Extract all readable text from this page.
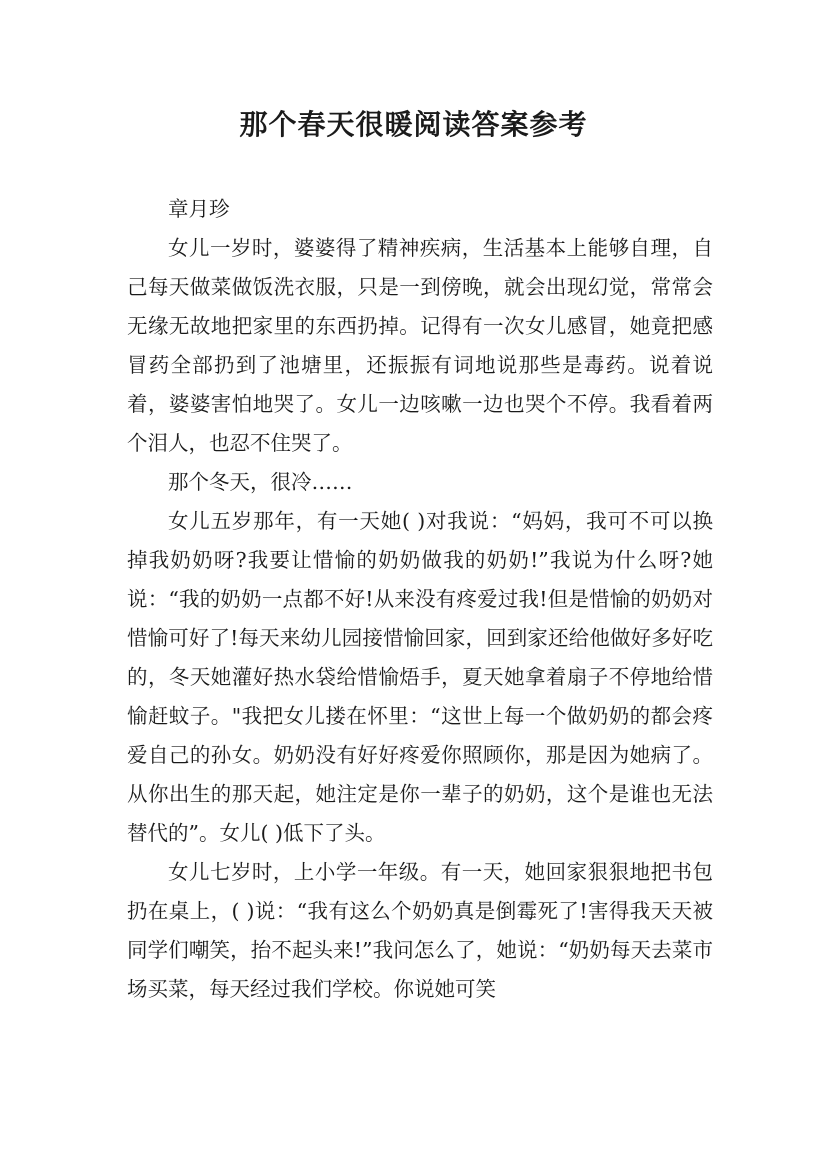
那个春天很暖阅读答案参考

章月珍

女儿一岁时，婆婆得了精神疾病，生活基本上能够自理，自己每天做菜做饭洗衣服，只是一到傍晚，就会出现幻觉，常常会无缘无故地把家里的东西扔掉。记得有一次女儿感冒，她竟把感冒药全部扔到了池塘里，还振振有词地说那些是毒药。说着说着，婆婆害怕地哭了。女儿一边咳嗽一边也哭个不停。我看着两个泪人，也忍不住哭了。

那个冬天，很冷……

女儿五岁那年，有一天她( )对我说：“妈妈，我可不可以换掉我奶奶呀?我要让惜愉的奶奶做我的奶奶!”我说为什么呀?她说：“我的奶奶一点都不好!从来没有疼爱过我!但是惜愉的奶奶对惜愉可好了!每天来幼儿园接惜愉回家，回到家还给他做好多好吃的，冬天她灌好热水袋给惜愉焐手，夏天她拿着扇子不停地给惜愉赶蚊子。"我把女儿搂在怀里：“这世上每一个做奶奶的都会疼爱自己的孙女。奶奶没有好好疼爱你照顾你，那是因为她病了。从你出生的那天起，她注定是你一辈子的奶奶，这个是谁也无法替代的”。女儿( )低下了头。

女儿七岁时，上小学一年级。有一天，她回家狠狠地把书包扔在桌上，( )说：“我有这么个奶奶真是倒霉死了!害得我天天被同学们嘲笑，抬不起头来!”我问怎么了，她说：“奶奶每天去菜市场买菜，每天经过我们学校。你说她可笑
